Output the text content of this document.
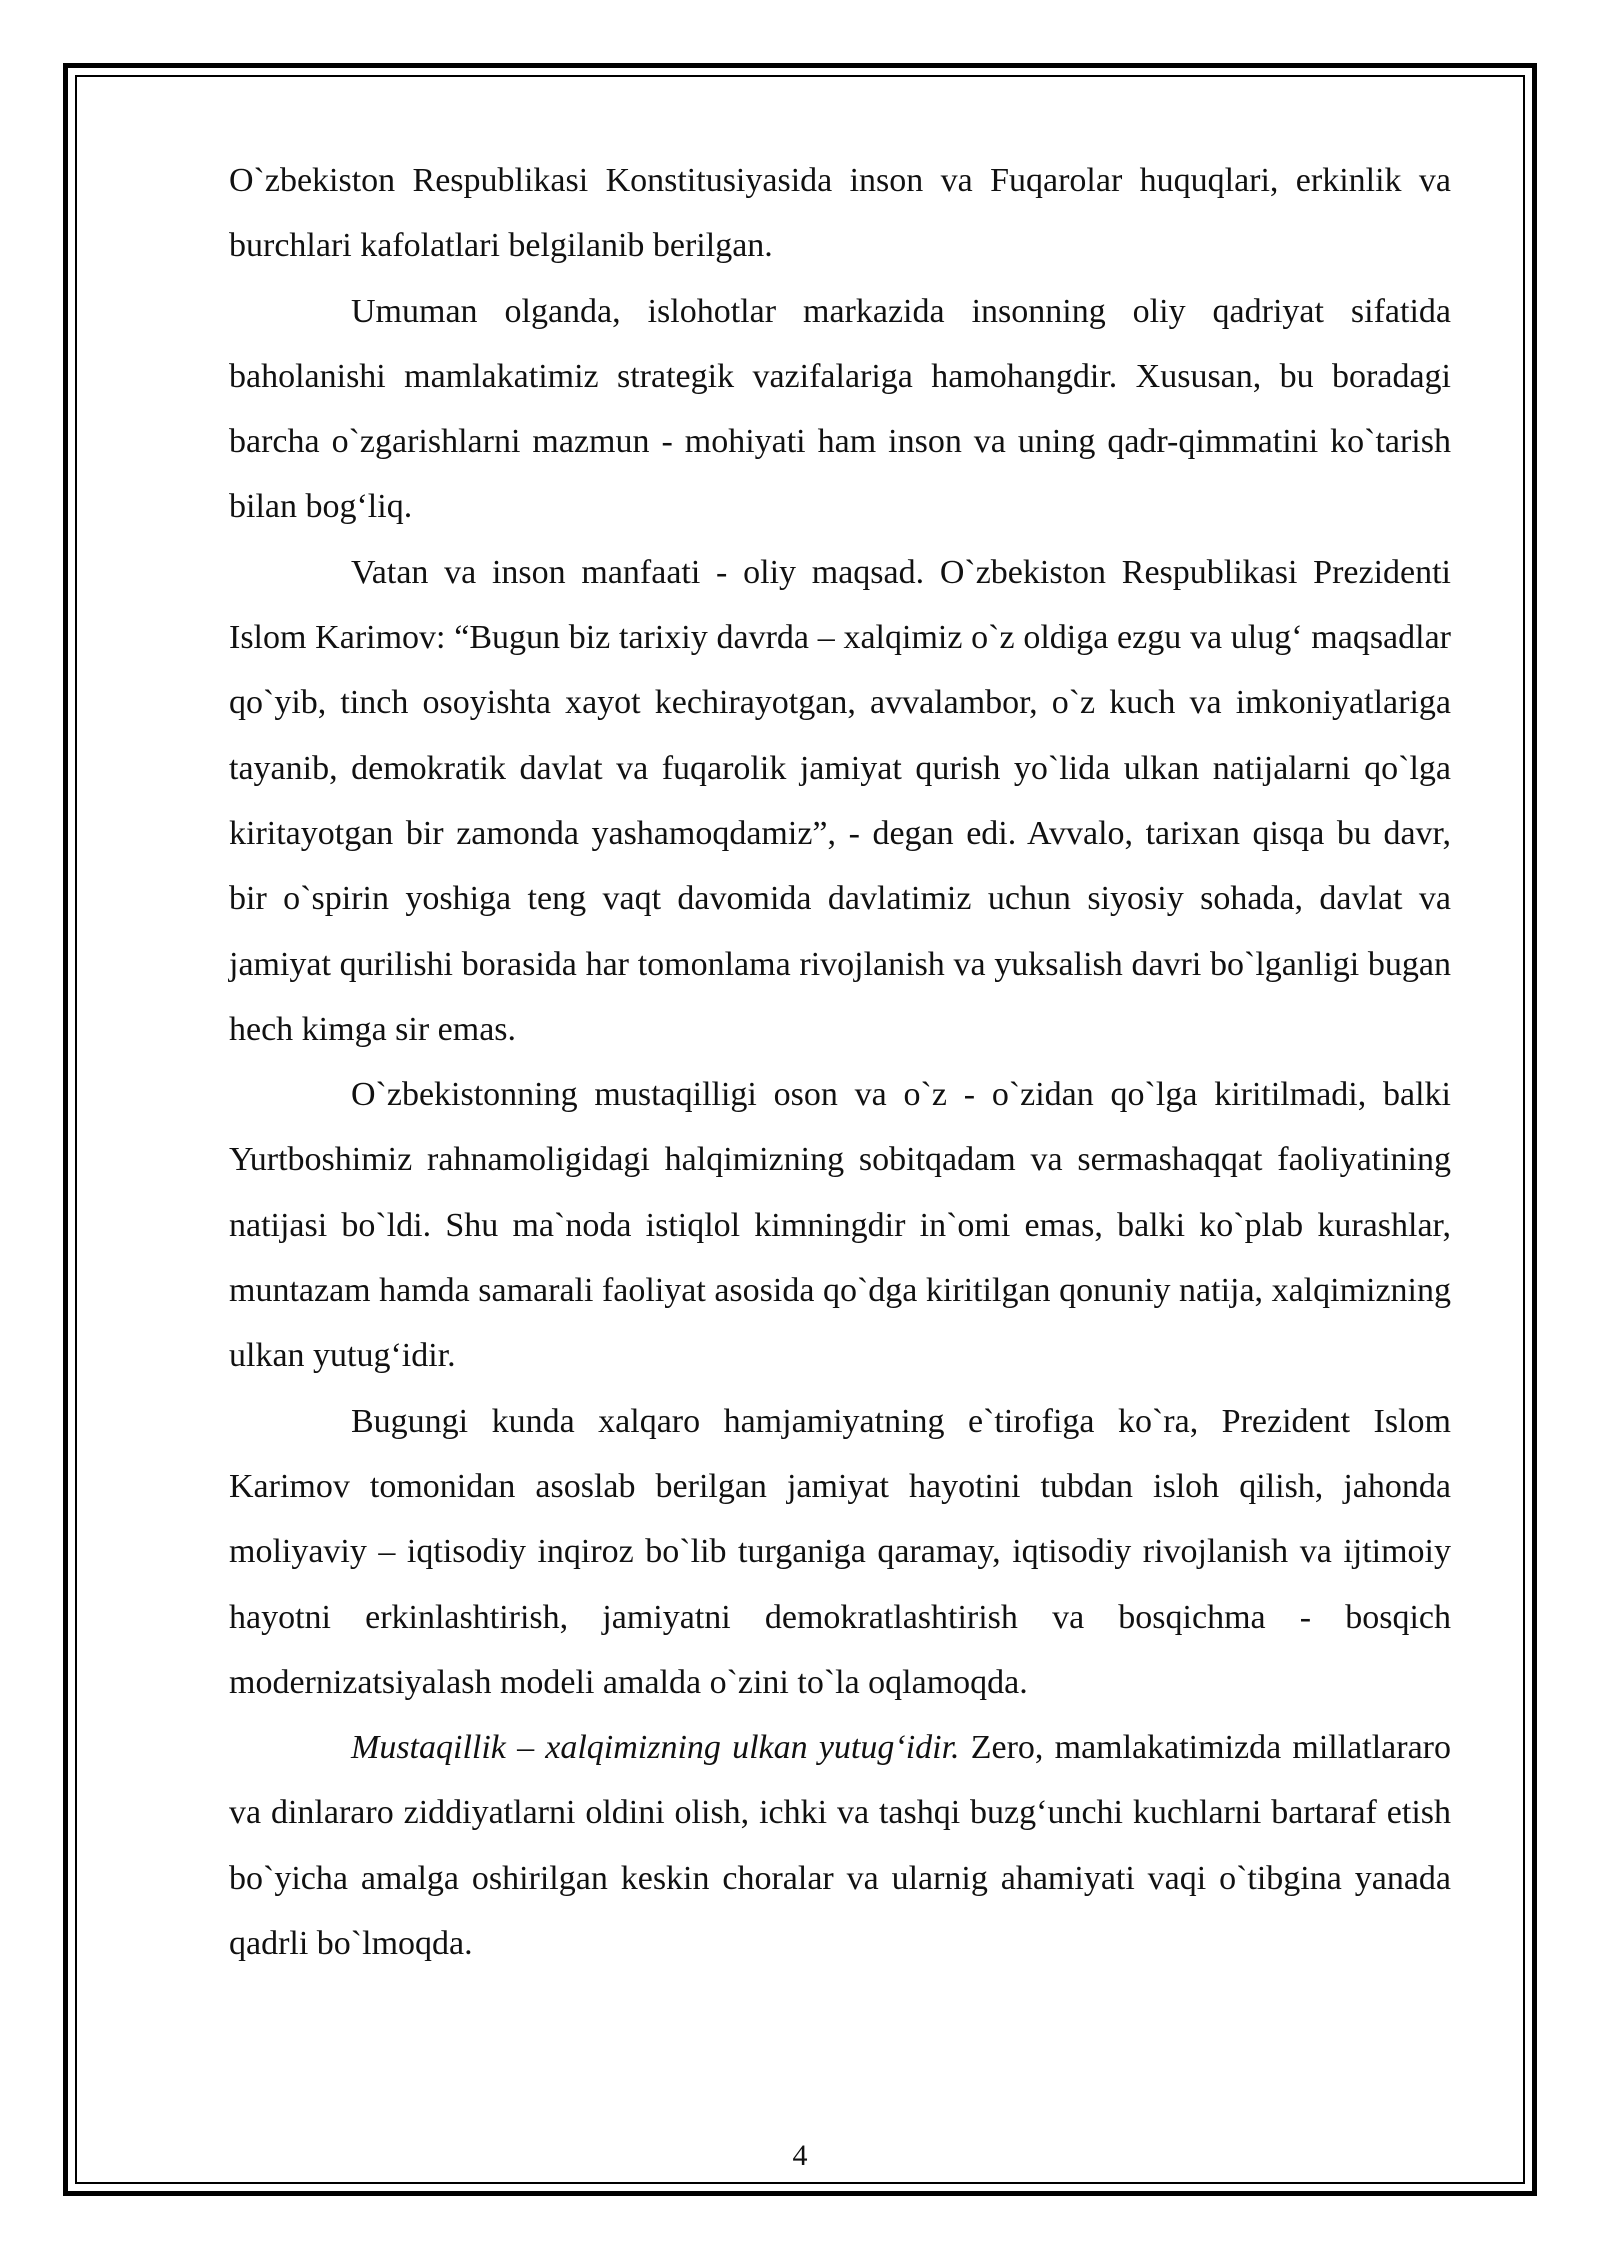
O`zbekiston Respublikasi Konstitusiyasida inson va Fuqarolar huquqlari, erkinlik va burchlari kafolatlari belgilanib berilgan.

Umuman olganda, islohotlar markazida insonning oliy qadriyat sifatida baholanishi mamlakatimiz strategik vazifalariga hamohangdir. Xususan, bu boradagi barcha o`zgarishlarni mazmun - mohiyati ham inson va uning qadr-qimmatini ko`tarish bilan bog‘liq.

Vatan va inson manfaati - oliy maqsad. O`zbekiston Respublikasi Prezidenti Islom Karimov: “Bugun biz tarixiy davrda – xalqimiz o`z oldiga ezgu va ulug‘ maqsadlar qo`yib, tinch osoyishta xayot kechirayotgan, avvalambor, o`z kuch va imkoniyatlariga tayanib, demokratik davlat va fuqarolik jamiyat qurish yo`lida ulkan natijalarni qo`lga kiritayotgan bir zamonda yashamoqdamiz”, - degan edi. Avvalo, tarixan qisqa bu davr, bir o`spirin yoshiga teng vaqt davomida davlatimiz uchun siyosiy sohada, davlat va jamiyat qurilishi borasida har tomonlama rivojlanish va yuksalish davri bo`lganligi bugan hech kimga sir emas.

O`zbekistonning mustaqilligi oson va o`z - o`zidan qo`lga kiritilmadi, balki Yurtboshimiz rahnamoligidagi halqimizning sobitqadam va sermashaqqat faoliyatining natijasi bo`ldi. Shu ma`noda istiqlol kimningdir in`omi emas, balki ko`plab kurashlar, muntazam hamda samarali faoliyat asosida qo`dga kiritilgan qonuniy natija, xalqimizning ulkan yutug‘idir.

Bugungi kunda xalqaro hamjamiyatning e`tirofiga ko`ra, Prezident Islom Karimov tomonidan asoslab berilgan jamiyat hayotini tubdan isloh qilish, jahonda moliyaviy – iqtisodiy inqiroz bo`lib turganiga qaramay, iqtisodiy rivojlanish va ijtimoiy hayotni erkinlashtirish, jamiyatni demokratlashtirish va bosqichma - bosqich modernizatsiyalash modeli amalda o`zini to`la oqlamoqda.

Mustaqillik – xalqimizning ulkan yutug‘idir. Zero, mamlakatimizda millatlararo va dinlararo ziddiyatlarni oldini olish, ichki va tashqi buzg‘unchi kuchlarni bartaraf etish bo`yicha amalga oshirilgan keskin choralar va ularnig ahamiyati vaqi o`tibgina yanada qadrli bo`lmoqda.

4
